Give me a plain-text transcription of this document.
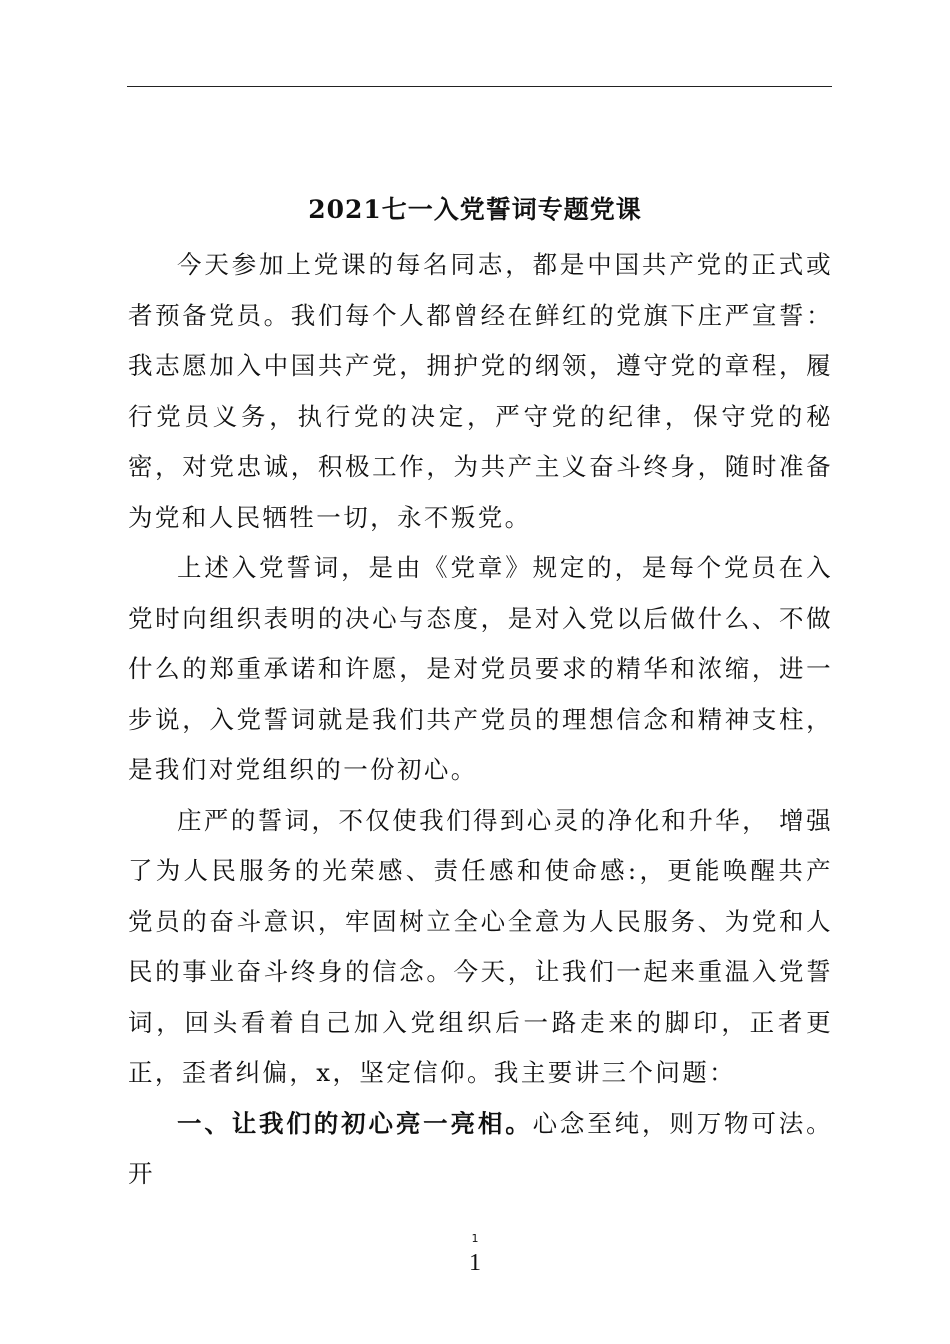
2021七一入党誓词专题党课

今天参加上党课的每名同志，都是中国共产党的正式或者预备党员。我们每个人都曾经在鲜红的党旗下庄严宣誓：我志愿加入中国共产党，拥护党的纲领，遵守党的章程，履行党员义务，执行党的决定，严守党的纪律，保守党的秘密，对党忠诚，积极工作，为共产主义奋斗终身，随时准备为党和人民牺牲一切，永不叛党。

上述入党誓词，是由《党章》规定的，是每个党员在入党时向组织表明的决心与态度，是对入党以后做什么、不做什么的郑重承诺和许愿，是对党员要求的精华和浓缩，进一步说，入党誓词就是我们共产党员的理想信念和精神支柱，是我们对党组织的一份初心。

庄严的誓词，不仅使我们得到心灵的净化和升华， 增强了为人民服务的光荣感、责任感和使命感:，更能唤醒共产党员的奋斗意识，牢固树立全心全意为人民服务、为党和人民的事业奋斗终身的信念。今天，让我们一起来重温入党誓词，回头看着自己加入党组织后一路走来的脚印，正者更正，歪者纠偏，x，坚定信仰。我主要讲三个问题：

一、让我们的初心亮一亮相。心念至纯，则万物可法。开

1
1
